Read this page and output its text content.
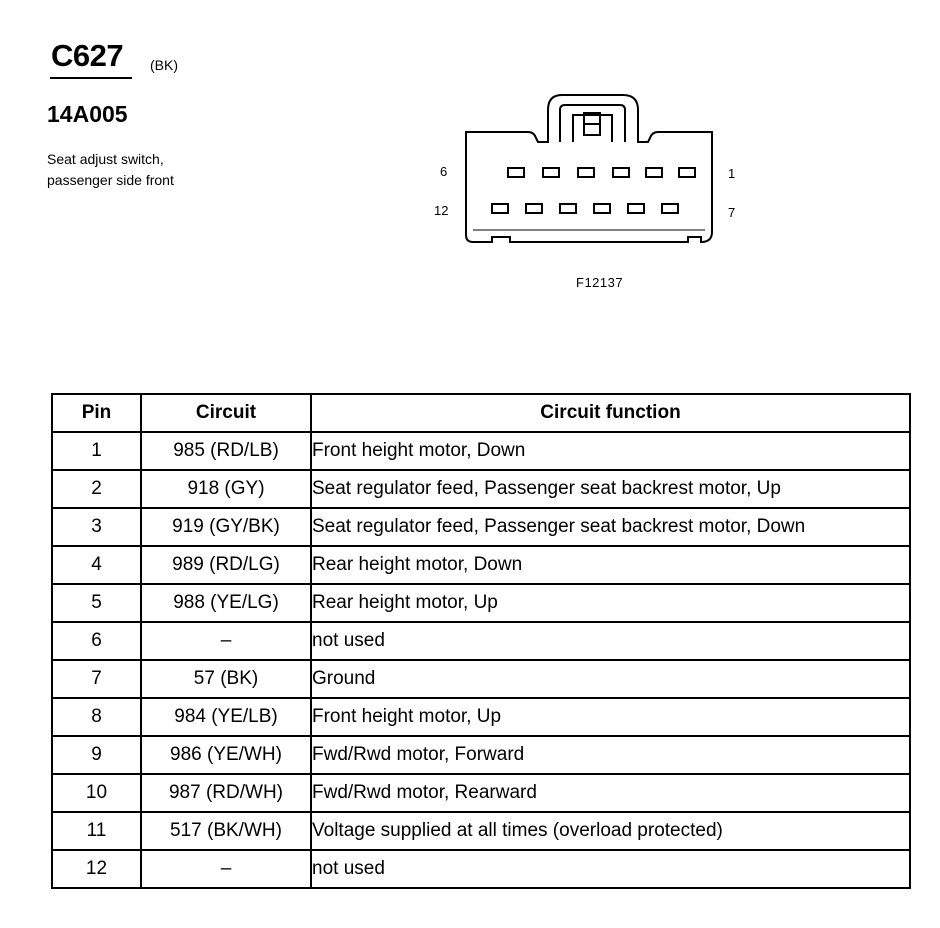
C627 (BK)
14A005
Seat adjust switch,
passenger side front
6	1
12	7
F12137
Pin	Circuit	Circuit function
1	985 (RD/LB)	Front height motor, Down
2	918 (GY)	Seat regulator feed, Passenger seat backrest motor, Up
3	919 (GY/BK)	Seat regulator feed, Passenger seat backrest motor, Down
4	989 (RD/LG)	Rear height motor, Down
5	988 (YE/LG)	Rear height motor, Up
6	–	not used
7	57 (BK)	Ground
8	984 (YE/LB)	Front height motor, Up
9	986 (YE/WH)	Fwd/Rwd motor, Forward
10	987 (RD/WH)	Fwd/Rwd motor, Rearward
11	517 (BK/WH)	Voltage supplied at all times (overload protected)
12	–	not used
